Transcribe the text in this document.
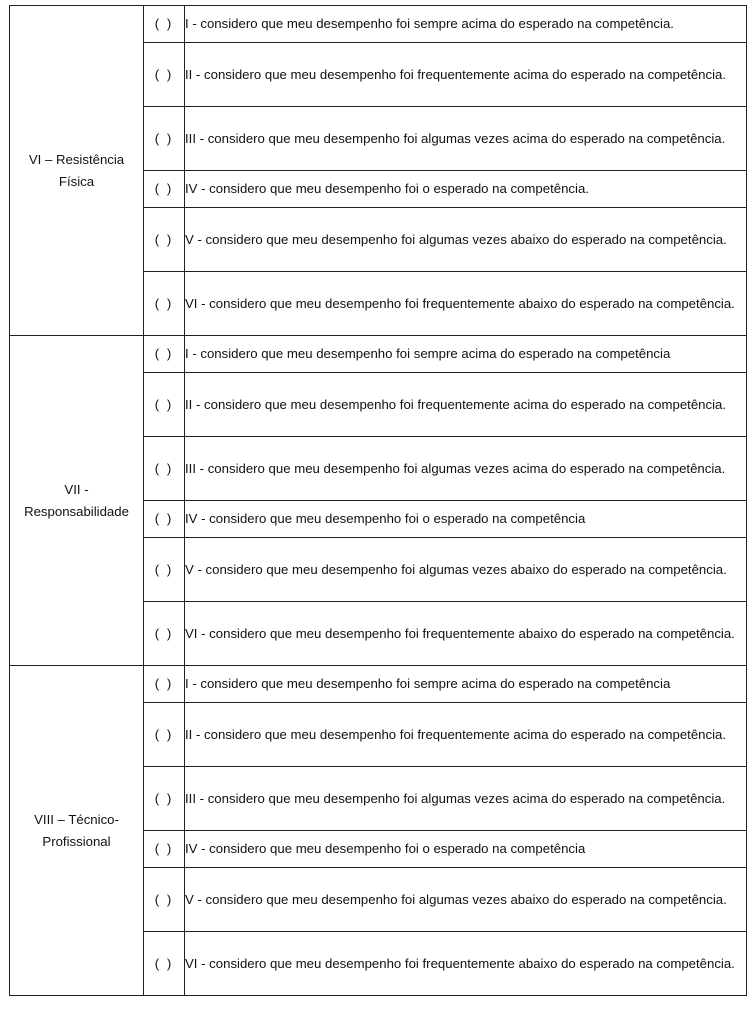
VI – Resistência
Física	( )	I - considero que meu desempenho foi sempre acima do esperado na competência.
	( )	II - considero que meu desempenho foi frequentemente acima do esperado na competência.
	( )	III - considero que meu desempenho foi algumas vezes acima do esperado na competência.
	( )	IV - considero que meu desempenho foi o esperado na competência.
	( )	V - considero que meu desempenho foi algumas vezes abaixo do esperado na competência.
	( )	VI - considero que meu desempenho foi frequentemente abaixo do esperado na competência.

VII -
Responsabilidade	( )	I - considero que meu desempenho foi sempre acima do esperado na competência
	( )	II - considero que meu desempenho foi frequentemente acima do esperado na competência.
	( )	III - considero que meu desempenho foi algumas vezes acima do esperado na competência.
	( )	IV - considero que meu desempenho foi o esperado na competência
	( )	V - considero que meu desempenho foi algumas vezes abaixo do esperado na competência.
	( )	VI - considero que meu desempenho foi frequentemente abaixo do esperado na competência.

VIII – Técnico-
Profissional	( )	I - considero que meu desempenho foi sempre acima do esperado na competência
	( )	II - considero que meu desempenho foi frequentemente acima do esperado na competência.
	( )	III - considero que meu desempenho foi algumas vezes acima do esperado na competência.
	( )	IV - considero que meu desempenho foi o esperado na competência
	( )	V - considero que meu desempenho foi algumas vezes abaixo do esperado na competência.
	( )	VI - considero que meu desempenho foi frequentemente abaixo do esperado na competência.
